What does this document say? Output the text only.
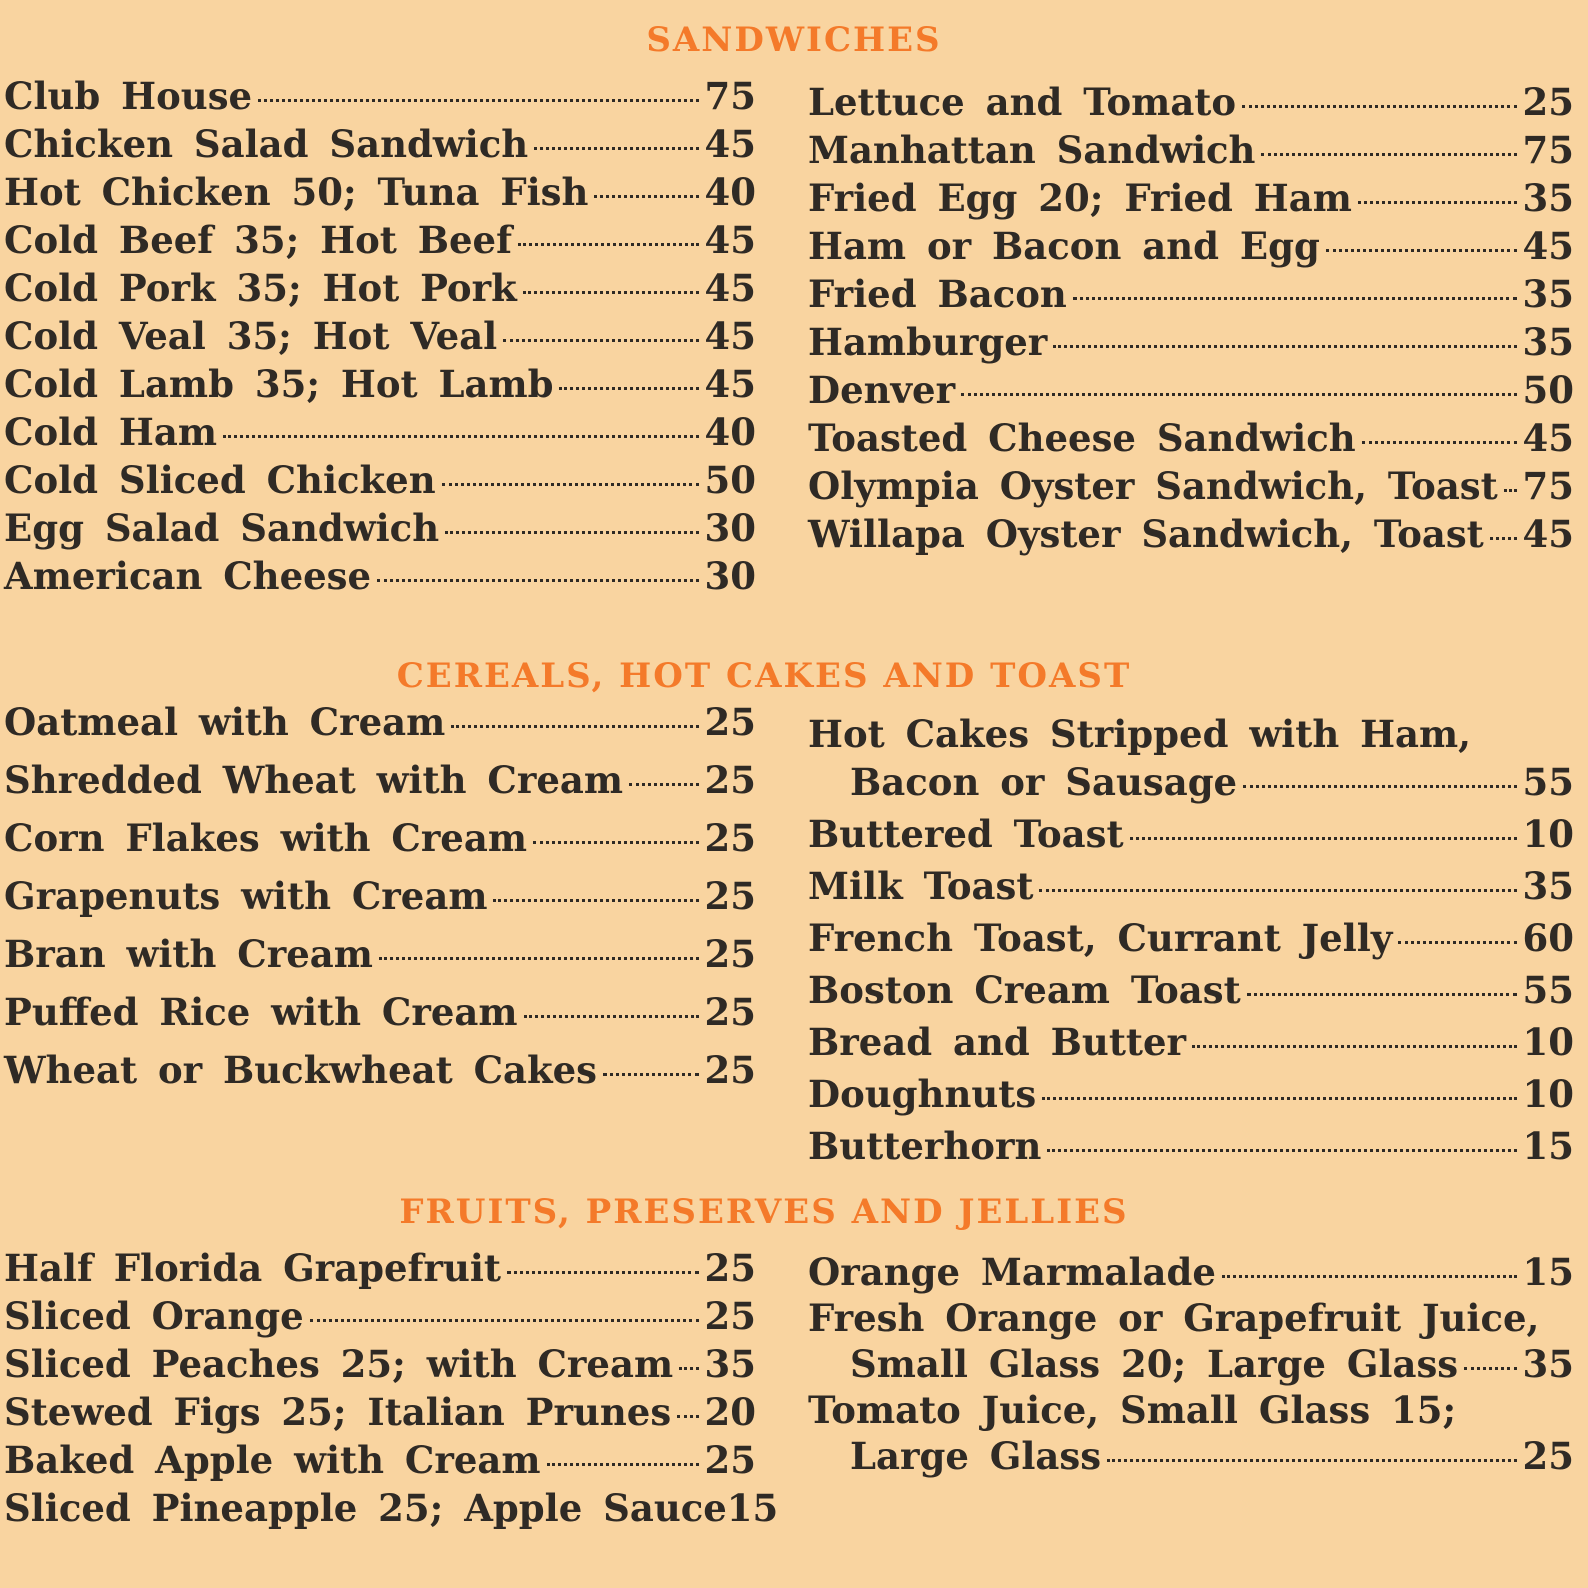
SANDWICHES
Club House	75
Chicken Salad Sandwich	45
Hot Chicken 50; Tuna Fish	40
Cold Beef 35; Hot Beef	45
Cold Pork 35; Hot Pork	45
Cold Veal 35; Hot Veal	45
Cold Lamb 35; Hot Lamb	45
Cold Ham	40
Cold Sliced Chicken	50
Egg Salad Sandwich	30
American Cheese	30
Lettuce and Tomato	25
Manhattan Sandwich	75
Fried Egg 20; Fried Ham	35
Ham or Bacon and Egg	45
Fried Bacon	35
Hamburger	35
Denver	50
Toasted Cheese Sandwich	45
Olympia Oyster Sandwich, Toast 75
Willapa Oyster Sandwich, Toast 45
CEREALS, HOT CAKES AND TOAST
Oatmeal with Cream	25
Shredded Wheat with Cream 25
Corn Flakes with Cream	25
Grapenuts with Cream	25
Bran with Cream	25
Puffed Rice with Cream	25
Wheat or Buckwheat Cakes	25
Hot Cakes Stripped with Ham,
Bacon or Sausage	55
Buttered Toast	10
Milk Toast	35
French Toast, Currant Jelly	60
Boston Cream Toast	55
Bread and Butter	10
Doughnuts	10
Butterhorn	15
FRUITS, PRESERVES AND JELLIES
Half Florida Grapefruit	25
Sliced Orange	25
Sliced Peaches 25; with Cream 35
Stewed Figs 25; Italian Prunes 20
Baked Apple with Cream	25
Sliced Pineapple 25; Apple Sauce 15
Orange Marmalade	15
Fresh Orange or Grapefruit Juice,
Small Glass 20; Large Glass 35
Tomato Juice, Small Glass 15;
Large Glass	25
